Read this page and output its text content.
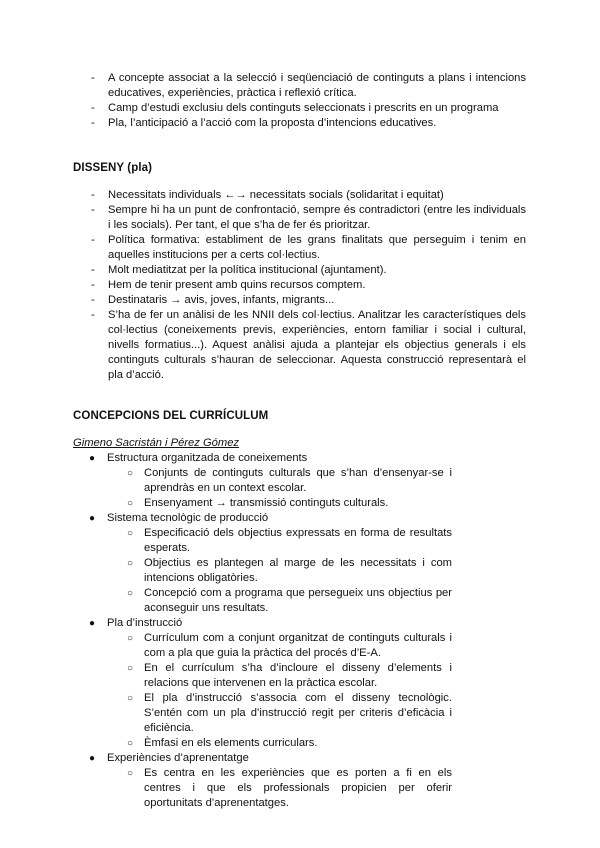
- A concepte associat a la selecció i seqüenciació de continguts a plans i intencions educatives, experiències, pràctica i reflexió crítica.
- Camp d’estudi exclusiu dels continguts seleccionats i prescrits en un programa
- Pla, l’anticipació a l’acció com la proposta d’intencions educatives.
DISSENY (pla)
- Necessitats individuals ←→ necessitats socials (solidaritat i equitat)
- Sempre hi ha un punt de confrontació, sempre és contradictori (entre les individuals i les socials). Per tant, el que s’ha de fer és prioritzar.
- Política formativa: establiment de les grans finalitats que perseguim i tenim en aquelles institucions per a certs col·lectius.
- Molt mediatitzat per la política institucional (ajuntament).
- Hem de tenir present amb quins recursos comptem.
- Destinataris → avis, joves, infants, migrants...
- S’ha de fer un anàlisi de les NNII dels col·lectius. Analitzar les característiques dels col·lectius (coneixements previs, experiències, entorn familiar i social i cultural, nivells formatius...). Aquest anàlisi ajuda a plantejar els objectius generals i els continguts culturals s’hauran de seleccionar. Aquesta construcció representarà el pla d’acció.
CONCEPCIONS DEL CURRÍCULUM
Gimeno Sacristán i Pérez Gómez
● Estructura organitzada de coneixements
○ Conjunts de continguts culturals que s’han d’ensenyar-se i aprendràs en un context escolar.
○ Ensenyament → transmissió continguts culturals.
● Sistema tecnològic de producció
○ Especificació dels objectius expressats en forma de resultats esperats.
○ Objectius es plantegen al marge de les necessitats i com intencions obligatòries.
○ Concepció com a programa que persegueix uns objectius per aconseguir uns resultats.
● Pla d’instrucció
○ Currículum com a conjunt organitzat de continguts culturals i com a pla que guia la pràctica del procés d’E-A.
○ En el currículum s’ha d’incloure el disseny d’elements i relacions que intervenen en la pràctica escolar.
○ El pla d’instrucció s’associa com el disseny tecnològic. S’entén com un pla d’instrucció regit per criteris d’eficàcia i eficiència.
○ Èmfasi en els elements curriculars.
● Experiències d’aprenentatge
○ Es centra en les experiències que es porten a fi en els centres i que els professionals propicien per oferir oportunitats d’aprenentatges.
